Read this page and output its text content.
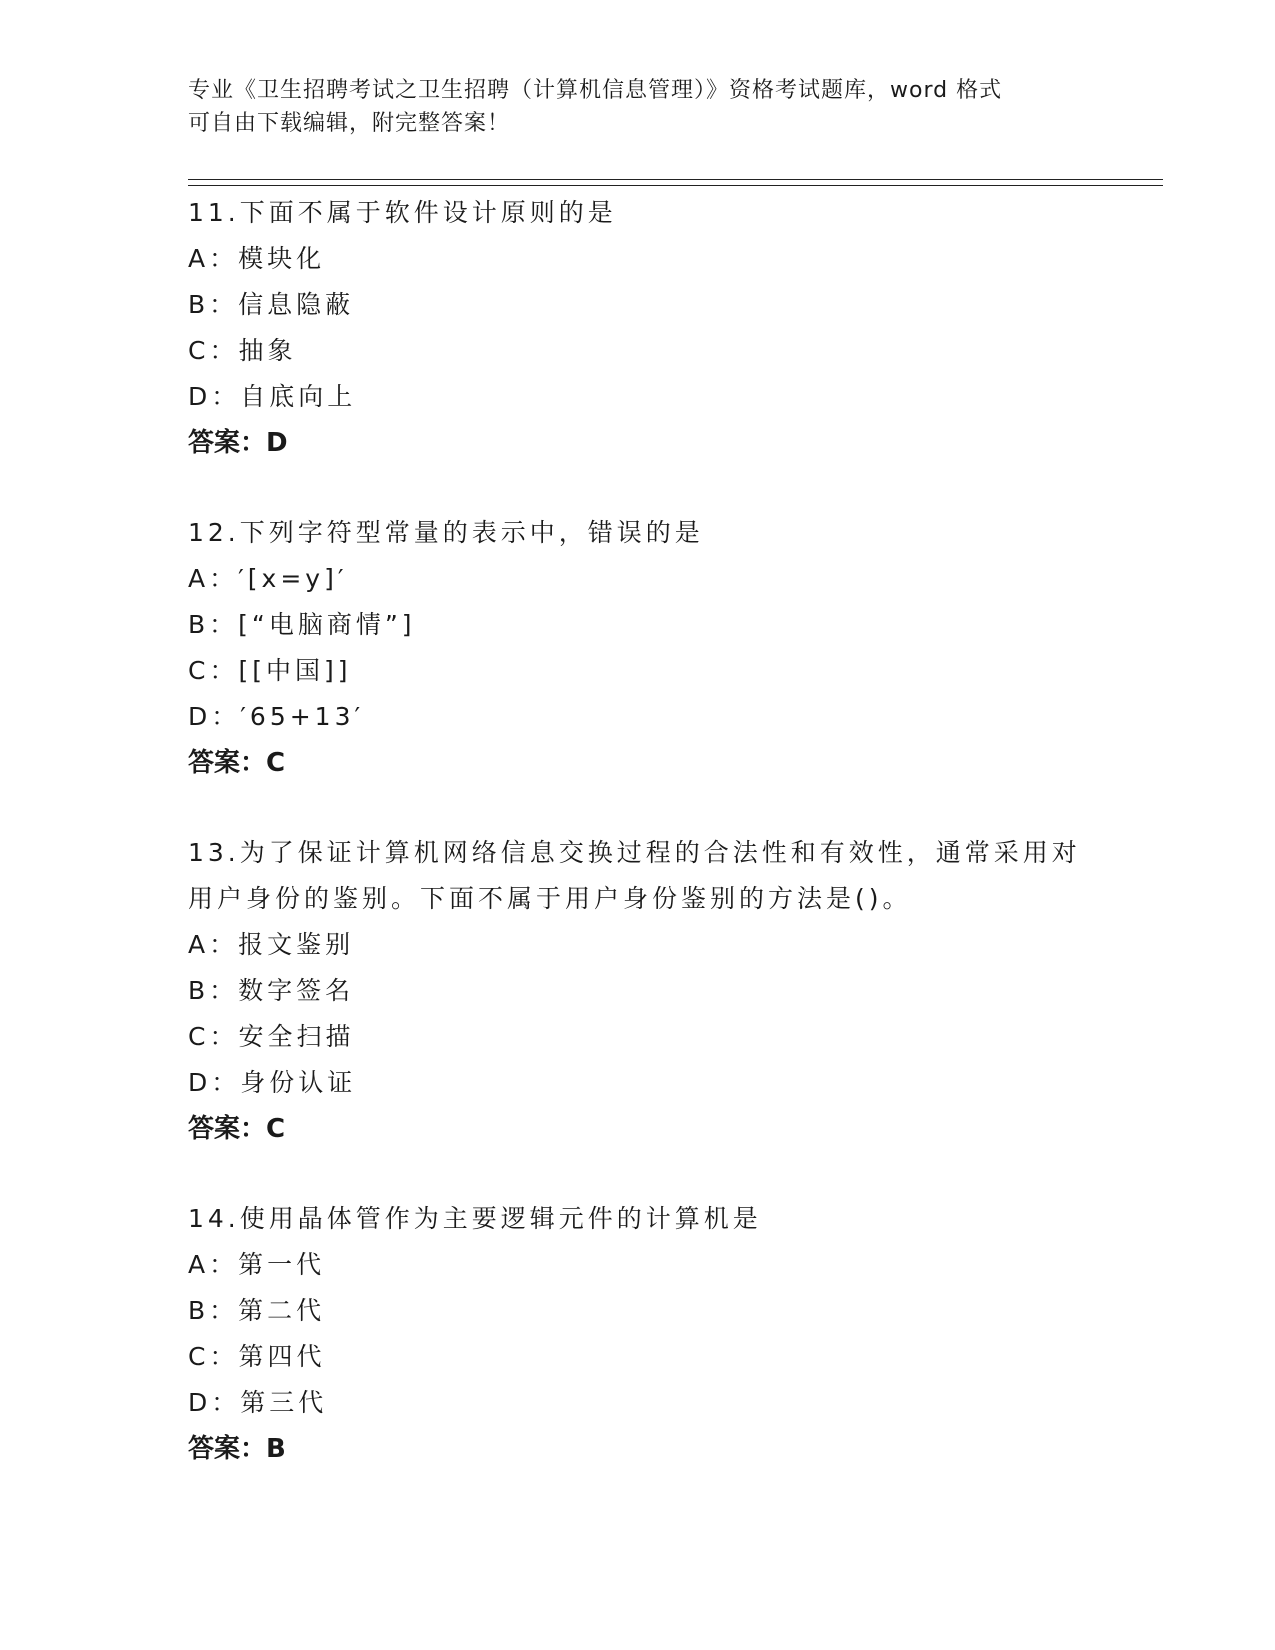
专业《卫生招聘考试之卫生招聘（计算机信息管理）》资格考试题库，word 格式
可自由下载编辑，附完整答案！
11.下面不属于软件设计原则的是
A：模块化
B：信息隐蔽
C：抽象
D：自底向上
答案：D
12.下列字符型常量的表示中，错误的是
A：′[x=y]′
B：[“电脑商情”]
C：[[中国]]
D：′65+13′
答案：C
13.为了保证计算机网络信息交换过程的合法性和有效性，通常采用对
用户身份的鉴别。下面不属于用户身份鉴别的方法是()。
A：报文鉴别
B：数字签名
C：安全扫描
D：身份认证
答案：C
14.使用晶体管作为主要逻辑元件的计算机是
A：第一代
B：第二代
C：第四代
D：第三代
答案：B
